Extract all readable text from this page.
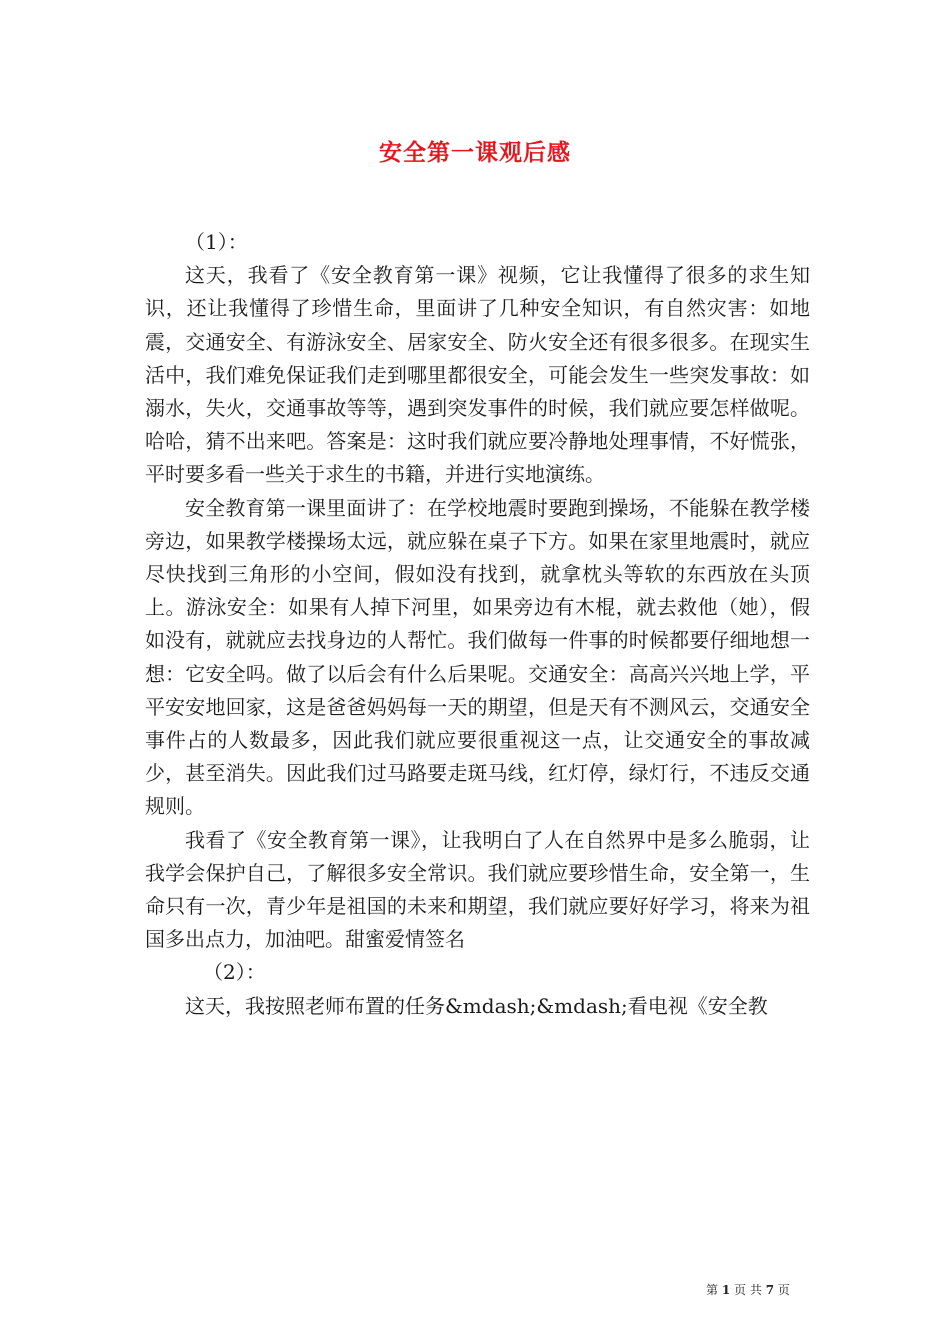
安全第一课观后感

（1）：

这天，我看了《安全教育第一课》视频，它让我懂得了很多的求生知识，还让我懂得了珍惜生命，里面讲了几种安全知识，有自然灾害：如地震，交通安全、有游泳安全、居家安全、防火安全还有很多很多。在现实生活中，我们难免保证我们走到哪里都很安全，可能会发生一些突发事故：如溺水，失火，交通事故等等，遇到突发事件的时候，我们就应要怎样做呢。哈哈，猜不出来吧。答案是：这时我们就应要冷静地处理事情，不好慌张，平时要多看一些关于求生的书籍，并进行实地演练。

安全教育第一课里面讲了：在学校地震时要跑到操场，不能躲在教学楼旁边，如果教学楼操场太远，就应躲在桌子下方。如果在家里地震时，就应尽快找到三角形的小空间，假如没有找到，就拿枕头等软的东西放在头顶上。游泳安全：如果有人掉下河里，如果旁边有木棍，就去救他（她），假如没有，就就应去找身边的人帮忙。我们做每一件事的时候都要仔细地想一想：它安全吗。做了以后会有什么后果呢。交通安全：高高兴兴地上学，平平安安地回家，这是爸爸妈妈每一天的期望，但是天有不测风云，交通安全事件占的人数最多，因此我们就应要很重视这一点，让交通安全的事故减少，甚至消失。因此我们过马路要走斑马线，红灯停，绿灯行，不违反交通规则。

我看了《安全教育第一课》，让我明白了人在自然界中是多么脆弱，让我学会保护自己，了解很多安全常识。我们就应要珍惜生命，安全第一，生命只有一次，青少年是祖国的未来和期望，我们就应要好好学习，将来为祖国多出点力，加油吧。甜蜜爱情签名

（2）：

这天，我按照老师布置的任务&mdash;&mdash;看电视《安全教

第 1 页 共 7 页
